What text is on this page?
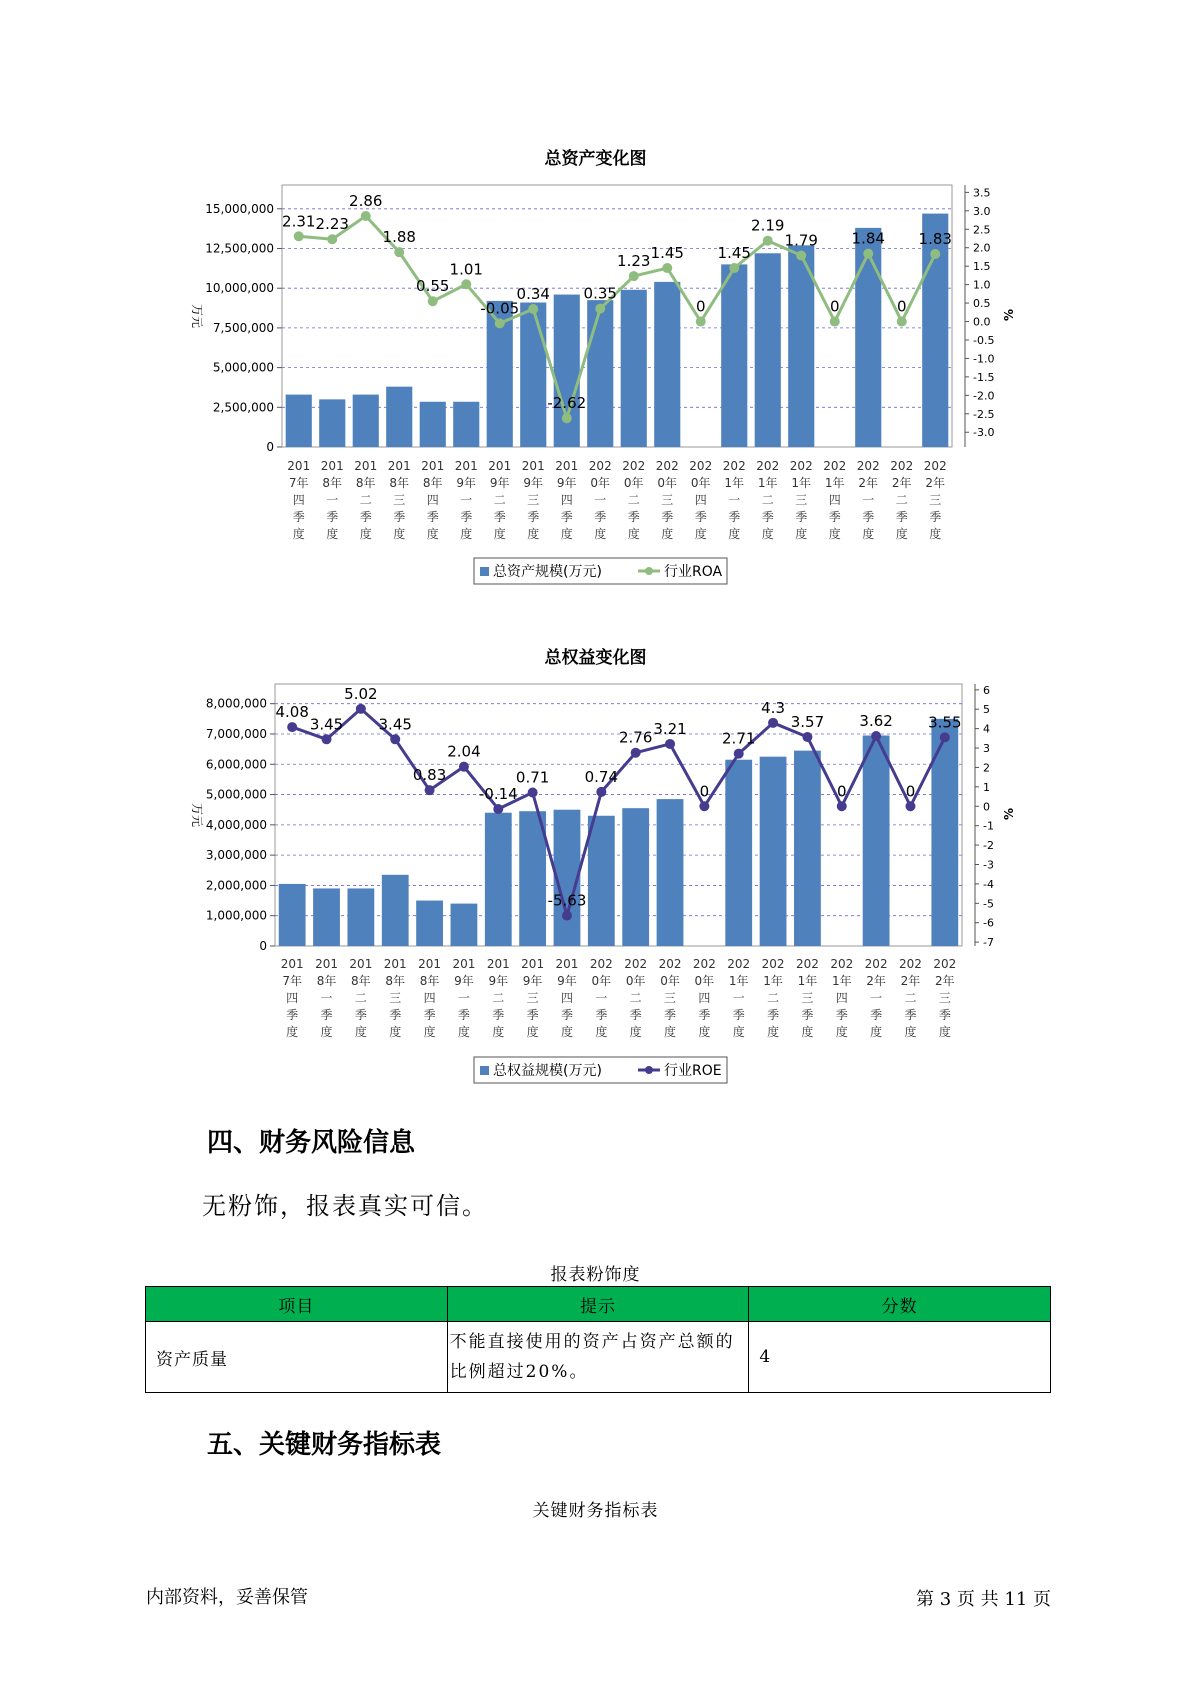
总资产变化图
0
2,500,000
5,000,000
7,500,000
10,000,000
12,500,000
15,000,000
3.5
3.0
2.5
2.0
1.5
1.0
0.5
0.0
-0.5
-1.0
-1.5
-2.0
-2.5
-3.0
万元	%
201
7年
四
季
度
201
8年
一
季
度
201
8年
二
季
度
201
8年
三
季
度
201
8年
四
季
度
201
9年
一
季
度
201
9年
二
季
度
201
9年
三
季
度
201
9年
四
季
度
202
0年
一
季
度
202
0年
二
季
度
202
0年
三
季
度
202
0年
四
季
度
202
1年
一
季
度
202
1年
二
季
度
202
1年
三
季
度
202
1年
四
季
度
202
2年
一
季
度
202
2年
二
季
度
202
2年
三
季
度
2.31 2.23
2.86
1.88
0.55
1.01
-0.05
0.34
-2.62
0.35
1.23 1.45
0
1.45
2.19
1.79
0
1.84
0
1.83
总资产规模(万元)	行业ROA
总权益变化图
0
1,000,000
2,000,000
3,000,000
4,000,000
5,000,000
6,000,000
7,000,000
8,000,000
6
5
4
3
2
1
0
-1
-2
-3
-4
-5
-6
-7
万元	%
201
7年
四
季
度
201
8年
一
季
度
201
8年
二
季
度
201
8年
三
季
度
201
8年
四
季
度
201
9年
一
季
度
201
9年
二
季
度
201
9年
三
季
度
201
9年
四
季
度
202
0年
一
季
度
202
0年
二
季
度
202
0年
三
季
度
202
0年
四
季
度
202
1年
一
季
度
202
1年
二
季
度
202
1年
三
季
度
202
1年
四
季
度
202
2年
一
季
度
202
2年
二
季
度
202
2年
三
季
度
4.08
3.45
5.02
3.45
0.83
2.04
-0.14
0.71
-5.63
0.74
2.76 3.21
0
2.71
4.3
3.57
0
3.62
0
3.55
总权益规模(万元)	行业ROE
四、财务风险信息
无粉饰，报表真实可信。
报表粉饰度
项目	提示	分数
资产质量	不能直接使用的资产占资产总额的比例超过20%。	4
五、关键财务指标表
关键财务指标表
内部资料，妥善保管	第 3 页 共 11 页
